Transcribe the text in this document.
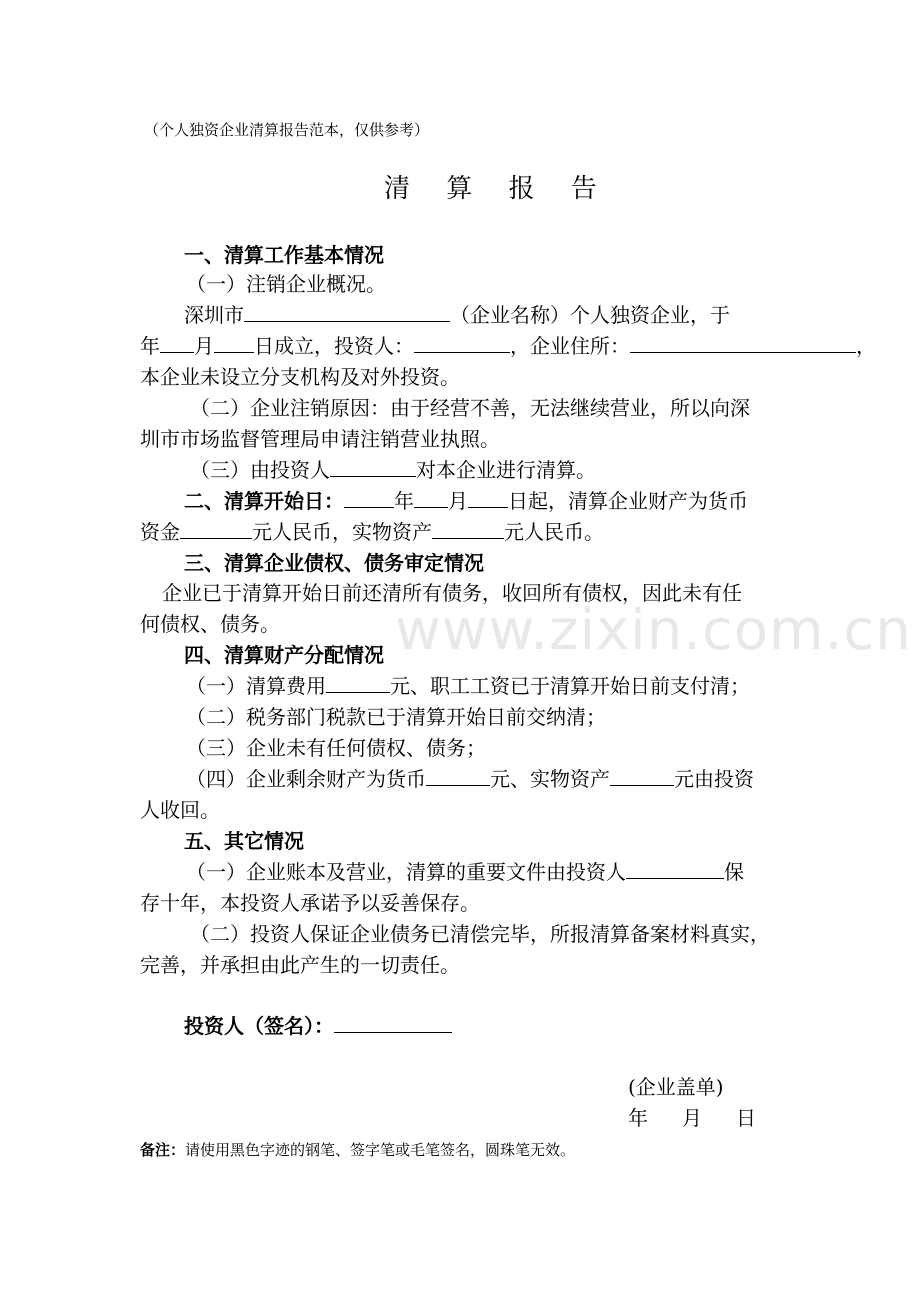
（个人独资企业清算报告范本，仅供参考）
清 算 报 告
一、清算工作基本情况
（一）注销企业概况。
深圳市	（企业名称）个人独资企业，于
年 月 日成立，投资人：	，企业住所：	，
本企业未设立分支机构及对外投资。
（二）企业注销原因：由于经营不善，无法继续营业，所以向深
圳市市场监督管理局申请注销营业执照。
（三）由投资人	对本企业进行清算。
二、清算开始日：	年 月 日起，清算企业财产为货币
资金	元人民币，实物资产	元人民币。
三、清算企业债权、债务审定情况
企业已于清算开始日前还清所有债务，收回所有债权，因此未有任
何债权、债务。
四、清算财产分配情况
（一）清算费用	元、职工工资已于清算开始日前支付清；
（二）税务部门税款已于清算开始日前交纳清；
（三）企业未有任何债权、债务；
（四）企业剩余财产为货币	元、实物资产	元由投资
人收回。
五、其它情况
（一）企业账本及营业，清算的重要文件由投资人	保
存十年，本投资人承诺予以妥善保存。
（二）投资人保证企业债务已清偿完毕，所报清算备案材料真实，
完善，并承担由此产生的一切责任。
投资人（签名）：
(企业盖单)
年 月 日
备注：请使用黑色字迹的钢笔、签字笔或毛笔签名，圆珠笔无效。
www.zixin.com.cn
